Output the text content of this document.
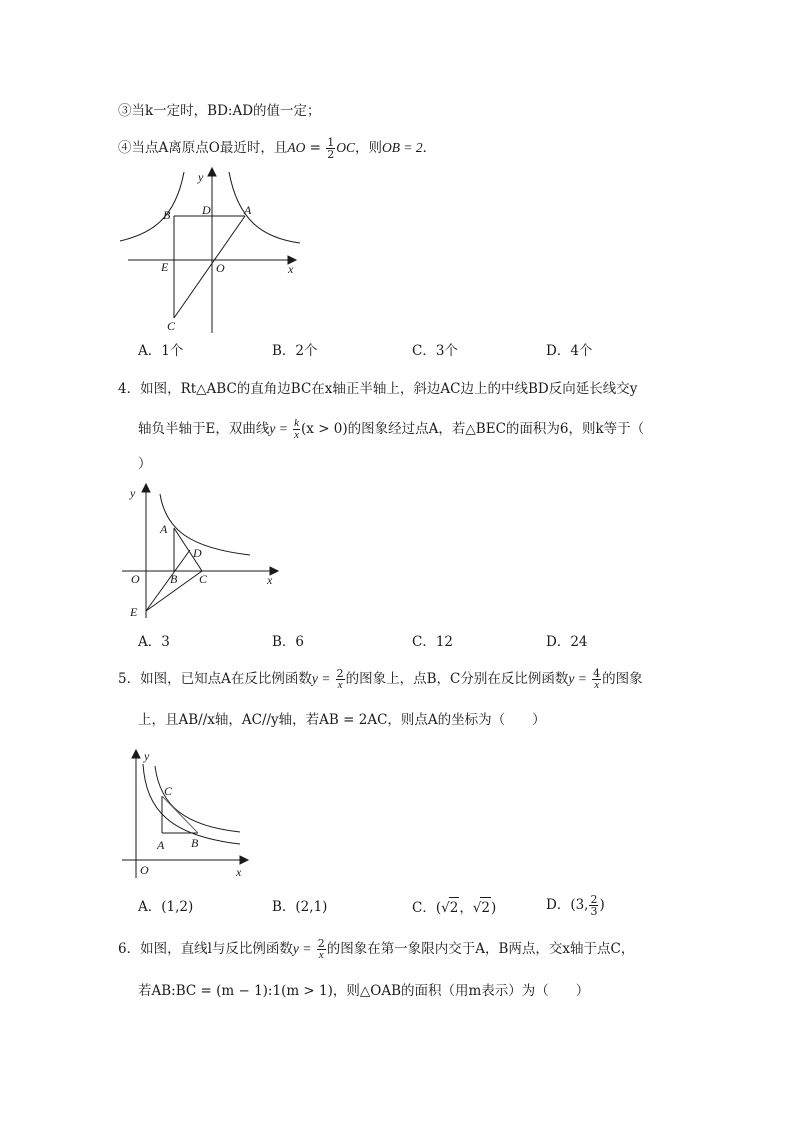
③当k一定时，BD:AD的值一定；
④当点A离原点O最近时，且AO = $\frac{1}{2}$ OC，则OB = 2．
y
B	D	A
E	O	x
C
A．1个	B．2个	C．3个	D．4个
4．如图，Rt△ABC的直角边BC在x轴正半轴上，斜边AC边上的中线BD反向延长线交y
轴负半轴于E，双曲线$y = \frac{k}{x} (x > 0)$的图象经过点A，若△BEC的面积为6，则k等于（
）
y
A
D
O	B C	x
E
A．3	B．6	C．12	D．24
5．如图，已知点A在反比例函数$y = \frac{2}{x}$ 的图象上，点B，C分别在反比例函数$y = \frac{4}{x}$ 的图象
上，且AB//x轴，AC//y轴，若AB = 2AC，则点A的坐标为（　　）
y
C
A B
O	x
A．(1,2)	B．(2,1)	C．(√2，√2)	D．(3, $\frac{2}{3}$ )
6．如图，直线l与反比例函数$y = \frac{2}{x}$ 的图象在第一象限内交于A，B两点，交x轴于点C，
若AB:BC = (m − 1):1(m > 1)，则△OAB的面积（用m表示）为（　　）
